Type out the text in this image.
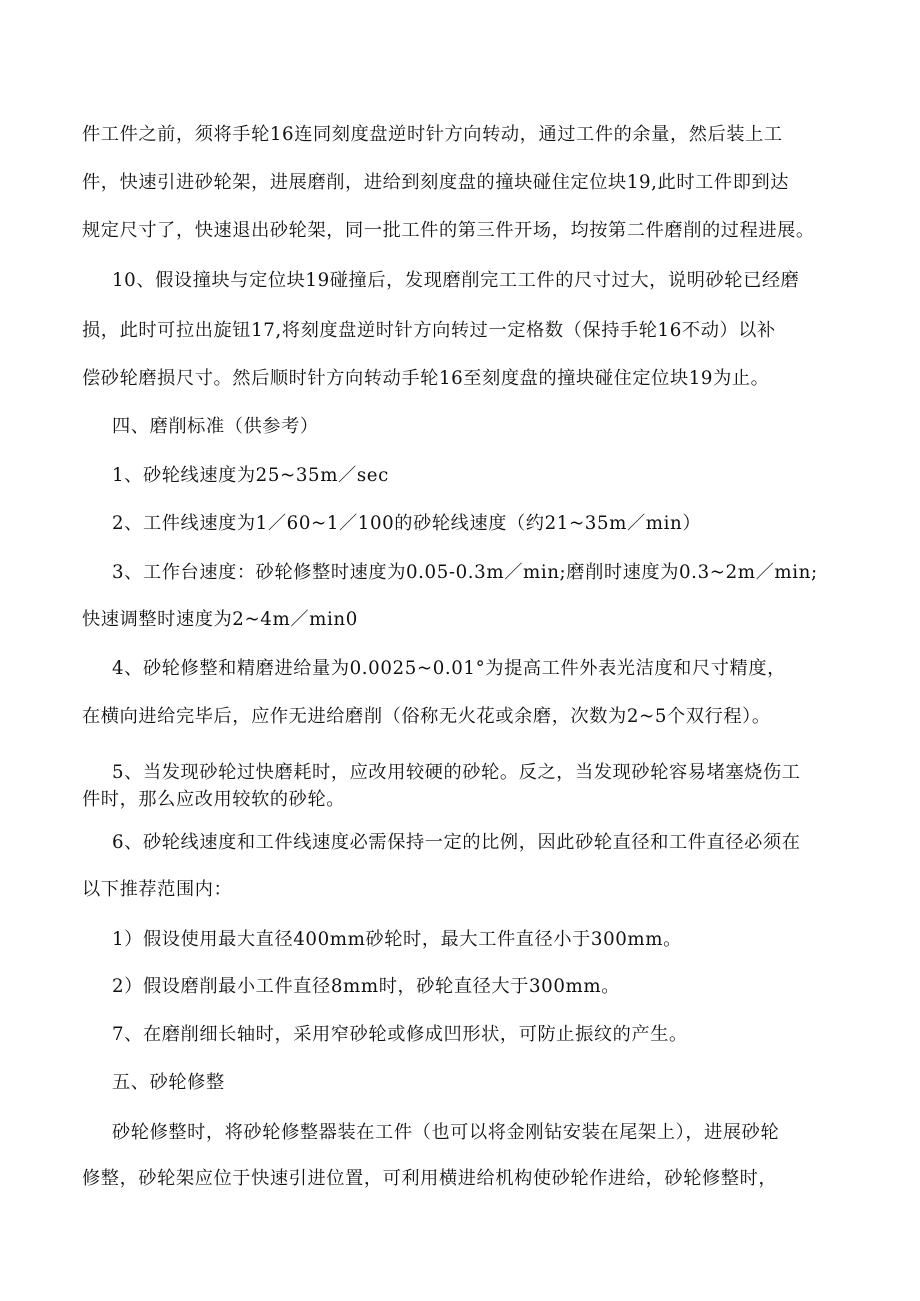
件工件之前，须将手轮16连同刻度盘逆时针方向转动，通过工件的余量，然后装上工

件，快速引进砂轮架，进展磨削，进给到刻度盘的撞块碰住定位块19,此时工件即到达

规定尺寸了，快速退出砂轮架，同一批工件的第三件开场，均按第二件磨削的过程进展。

10、假设撞块与定位块19碰撞后，发现磨削完工工件的尺寸过大，说明砂轮已经磨

损，此时可拉出旋钮17,将刻度盘逆时针方向转过一定格数（保持手轮16不动）以补

偿砂轮磨损尺寸。然后顺时针方向转动手轮16至刻度盘的撞块碰住定位块19为止。

四、磨削标准（供参考）

1、砂轮线速度为25~35m／sec

2、工件线速度为1／60~1／100的砂轮线速度（约21~35m／min）

3、工作台速度：砂轮修整时速度为0.05-0.3m／min;磨削时速度为0.3~2m／min;

快速调整时速度为2~4m／min0

4、砂轮修整和精磨进给量为0.0025~0.01°为提高工件外表光洁度和尺寸精度，

在横向进给完毕后，应作无进给磨削（俗称无火花或余磨，次数为2~5个双行程）。

5、当发现砂轮过快磨耗时，应改用较硬的砂轮。反之，当发现砂轮容易堵塞烧伤工

件时，那么应改用较软的砂轮。

6、砂轮线速度和工件线速度必需保持一定的比例，因此砂轮直径和工件直径必须在

以下推荐范围内：

1）假设使用最大直径400mm砂轮时，最大工件直径小于300mm。

2）假设磨削最小工件直径8mm时，砂轮直径大于300mm。

7、在磨削细长轴时，采用窄砂轮或修成凹形状，可防止振纹的产生。

五、砂轮修整

砂轮修整时，将砂轮修整器装在工件（也可以将金刚钻安装在尾架上），进展砂轮

修整，砂轮架应位于快速引进位置，可利用横进给机构使砂轮作进给，砂轮修整时，
